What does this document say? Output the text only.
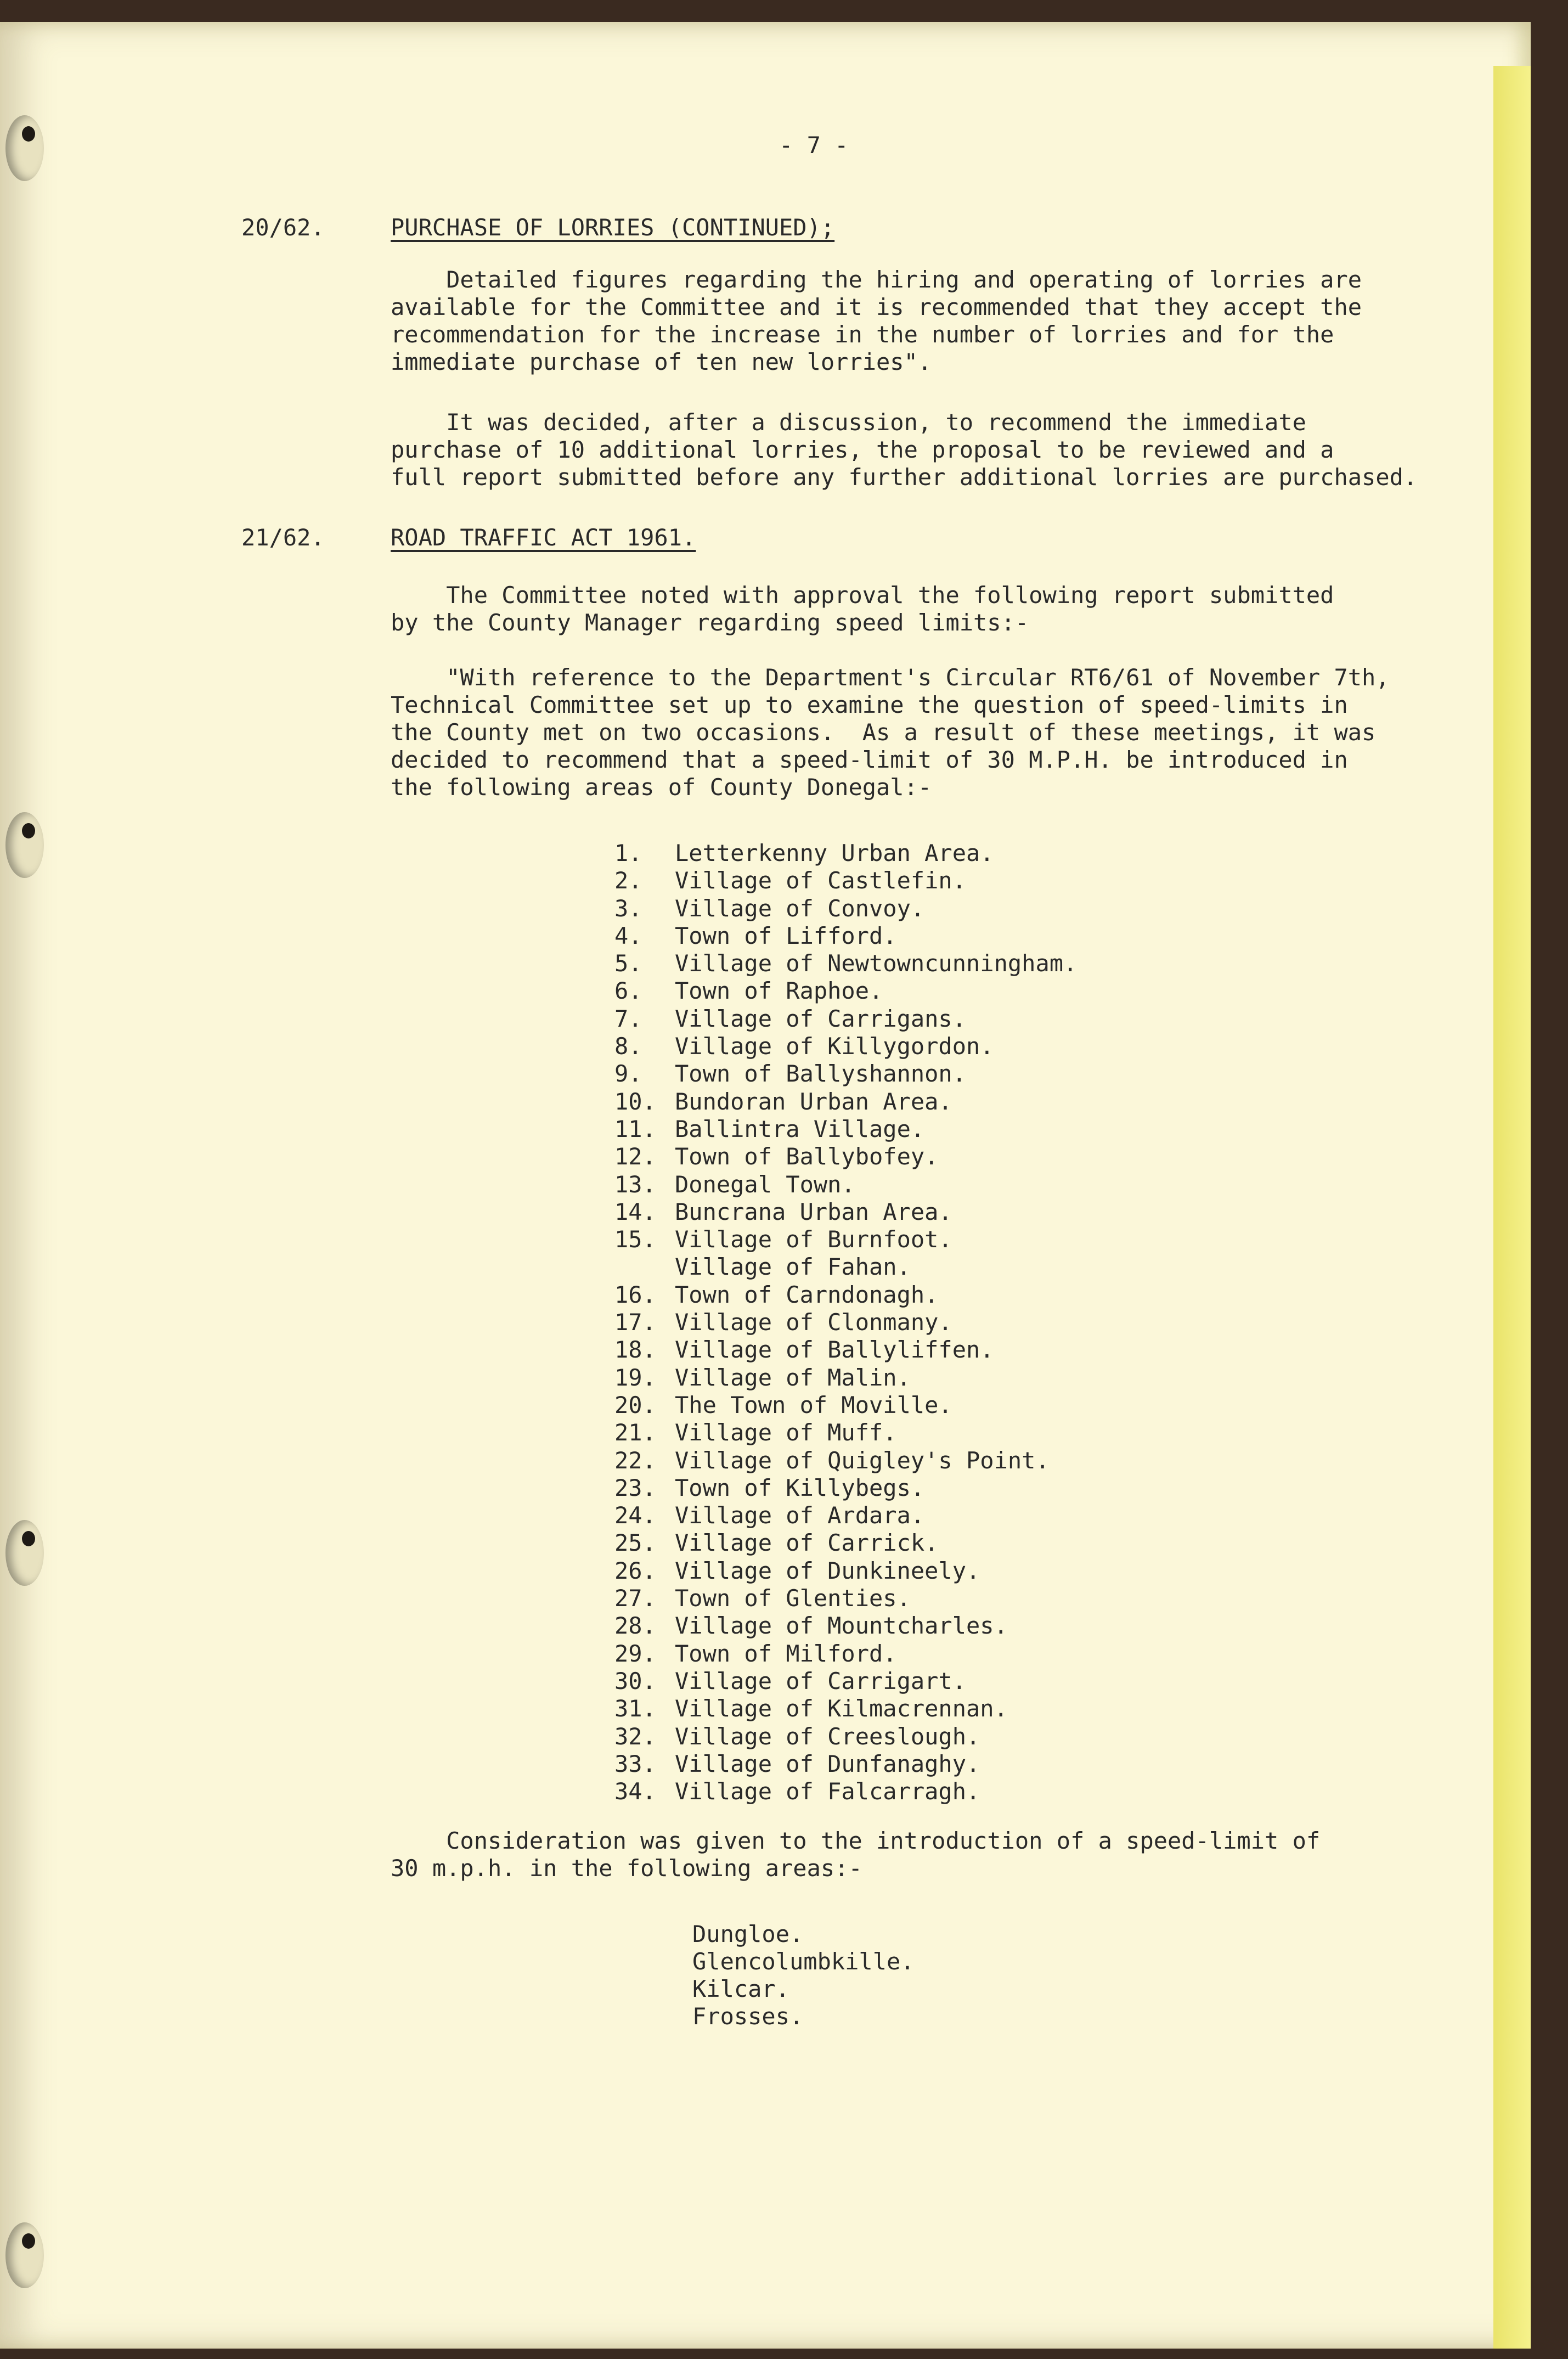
- 7 -

20/62.	PURCHASE OF LORRIES (CONTINUED);

Detailed figures regarding the hiring and operating of lorries are
available for the Committee and it is recommended that they accept the
recommendation for the increase in the number of lorries and for the
immediate purchase of ten new lorries".

It was decided, after a discussion, to recommend the immediate
purchase of 10 additional lorries, the proposal to be reviewed and a
full report submitted before any further additional lorries are purchased.

21/62.	ROAD TRAFFIC ACT 1961.

The Committee noted with approval the following report submitted
by the County Manager regarding speed limits:-

"With reference to the Department's Circular RT6/61 of November 7th,
Technical Committee set up to examine the question of speed-limits in
the County met on two occasions.  As a result of these meetings, it was
decided to recommend that a speed-limit of 30 M.P.H. be introduced in
the following areas of County Donegal:-

1.	Letterkenny Urban Area.
2.	Village of Castlefin.
3.	Village of Convoy.
4.	Town of Lifford.
5.	Village of Newtowncunningham.
6.	Town of Raphoe.
7.	Village of Carrigans.
8.	Village of Killygordon.
9.	Town of Ballyshannon.
10. Bundoran Urban Area.
11. Ballintra Village.
12. Town of Ballybofey.
13. Donegal Town.
14. Buncrana Urban Area.
15. Village of Burnfoot.
Village of Fahan.
16. Town of Carndonagh.
17. Village of Clonmany.
18. Village of Ballyliffen.
19. Village of Malin.
20. The Town of Moville.
21. Village of Muff.
22. Village of Quigley's Point.
23. Town of Killybegs.
24. Village of Ardara.
25. Village of Carrick.
26. Village of Dunkineely.
27. Town of Glenties.
28. Village of Mountcharles.
29. Town of Milford.
30. Village of Carrigart.
31. Village of Kilmacrennan.
32. Village of Creeslough.
33. Village of Dunfanaghy.
34. Village of Falcarragh.

Consideration was given to the introduction of a speed-limit of
30 m.p.h. in the following areas:-

Dungloe.
Glencolumbkille.
Kilcar.
Frosses.
